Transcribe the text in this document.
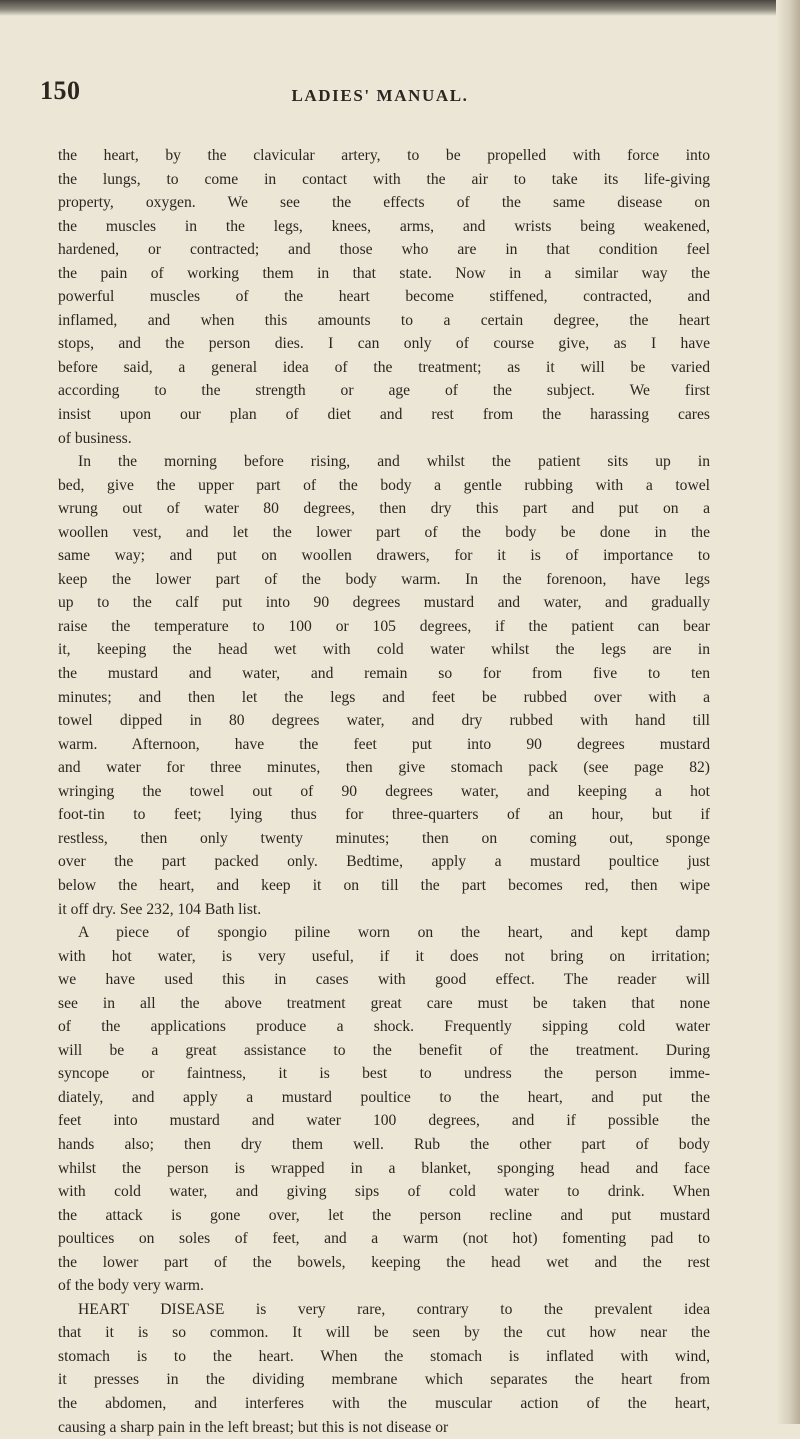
150	LADIES' MANUAL.
the heart, by the clavicular artery, to be propelled with force into
the lungs, to come in contact with the air to take its life-giving
property, oxygen. We see the effects of the same disease on
the muscles in the legs, knees, arms, and wrists being weakened,
hardened, or contracted; and those who are in that condition feel
the pain of working them in that state. Now in a similar way the
powerful muscles of the heart become stiffened, contracted, and
inflamed, and when this amounts to a certain degree, the heart
stops, and the person dies. I can only of course give, as I have
before said, a general idea of the treatment; as it will be varied
according to the strength or age of the subject. We first
insist upon our plan of diet and rest from the harassing cares
of business.
In the morning before rising, and whilst the patient sits up in
bed, give the upper part of the body a gentle rubbing with a towel
wrung out of water 80 degrees, then dry this part and put on a
woollen vest, and let the lower part of the body be done in the
same way; and put on woollen drawers, for it is of importance to
keep the lower part of the body warm. In the forenoon, have legs
up to the calf put into 90 degrees mustard and water, and gradually
raise the temperature to 100 or 105 degrees, if the patient can bear
it, keeping the head wet with cold water whilst the legs are in
the mustard and water, and remain so for from five to ten
minutes; and then let the legs and feet be rubbed over with a
towel dipped in 80 degrees water, and dry rubbed with hand till
warm. Afternoon, have the feet put into 90 degrees mustard
and water for three minutes, then give stomach pack (see page 82)
wringing the towel out of 90 degrees water, and keeping a hot
foot-tin to feet; lying thus for three-quarters of an hour, but if
restless, then only twenty minutes; then on coming out, sponge
over the part packed only. Bedtime, apply a mustard poultice just
below the heart, and keep it on till the part becomes red, then wipe
it off dry. See 232, 104 Bath list.
A piece of spongio piline worn on the heart, and kept damp
with hot water, is very useful, if it does not bring on irritation;
we have used this in cases with good effect. The reader will
see in all the above treatment great care must be taken that none
of the applications produce a shock. Frequently sipping cold water
will be a great assistance to the benefit of the treatment. During
syncope or faintness, it is best to undress the person imme-
diately, and apply a mustard poultice to the heart, and put the
feet into mustard and water 100 degrees, and if possible the
hands also; then dry them well. Rub the other part of body
whilst the person is wrapped in a blanket, sponging head and face
with cold water, and giving sips of cold water to drink. When
the attack is gone over, let the person recline and put mustard
poultices on soles of feet, and a warm (not hot) fomenting pad to
the lower part of the bowels, keeping the head wet and the rest
of the body very warm.
HEART DISEASE is very rare, contrary to the prevalent idea
that it is so common. It will be seen by the cut how near the
stomach is to the heart. When the stomach is inflated with wind,
it presses in the dividing membrane which separates the heart from
the abdomen, and interferes with the muscular action of the heart,
causing a sharp pain in the left breast; but this is not disease or
